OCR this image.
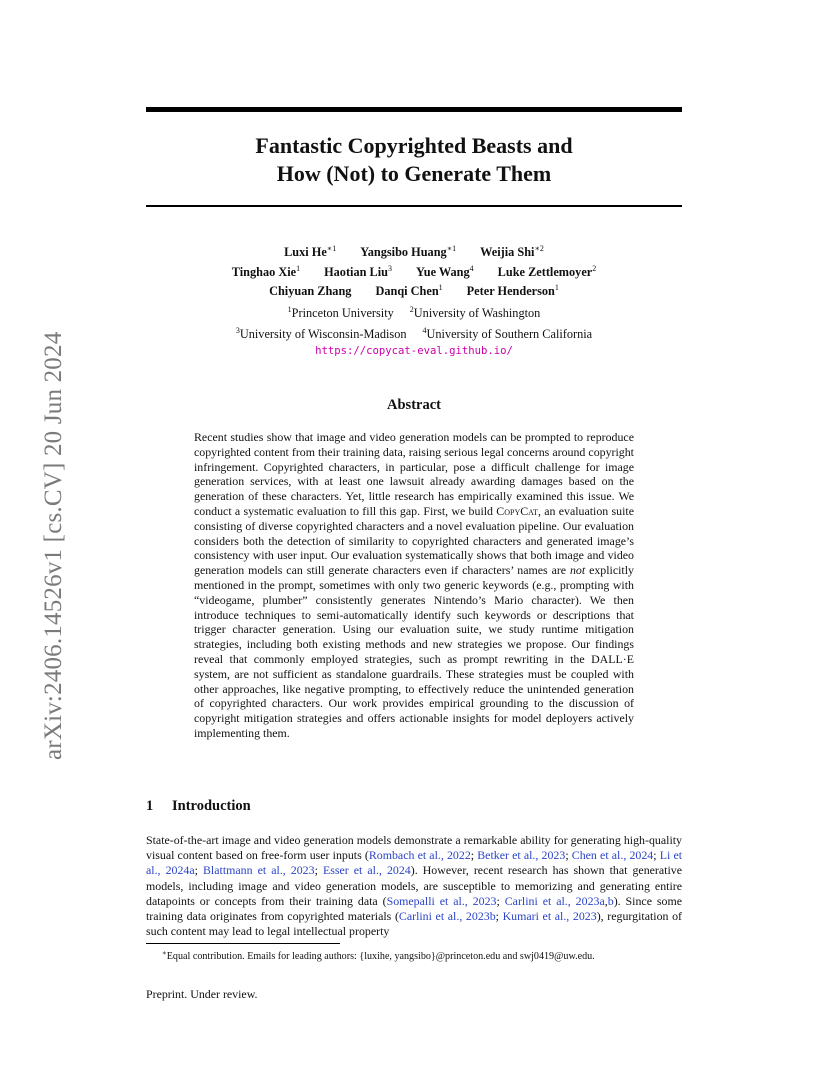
arXiv:2406.14526v1 [cs.CV] 20 Jun 2024
Fantastic Copyrighted Beasts and
How (Not) to Generate Them
Luxi $He^{∗1}$ Yangsibo Huang$^{∗1}$ Weijia Shi$^{∗2}$
Tinghao Xie$^1$ Haotian Liu$^3$ Yue Wang$^4$ Luke Zettlemoyer$^2$
Chiyuan Zhang Danqi Chen$^1$ Peter Henderson$^1$
$^1$Princeton University $^2$University of Washington
$^3$University of Wisconsin-Madison $^4$University of Southern California
https://copycat-eval.github.io/
Abstract
Recent studies show that image and video generation models can be prompted to reproduce copyrighted content from their training data, raising serious legal concerns around copyright infringement. Copyrighted characters, in particular, pose a difficult challenge for image generation services, with at least one lawsuit already awarding damages based on the generation of these characters. Yet, little research has empirically examined this issue. We conduct a systematic evaluation to fill this gap. First, we build CopyCat, an evaluation suite consisting of diverse copyrighted characters and a novel evaluation pipeline. Our evaluation considers both the detection of similarity to copyrighted characters and generated image’s consistency with user input. Our evaluation systematically shows that both image and video generation models can still generate characters even if characters’ names are not explicitly mentioned in the prompt, sometimes with only two generic keywords (e.g., prompting with “videogame, plumber” consistently generates Nintendo’s Mario character). We then introduce techniques to semi-automatically identify such keywords or descriptions that trigger character generation. Using our evaluation suite, we study runtime mitigation strategies, including both existing methods and new strategies we propose. Our findings reveal that commonly employed strategies, such as prompt rewriting in the DALL·E system, are not sufficient as standalone guardrails. These strategies must be coupled with other approaches, like negative prompting, to effectively reduce the unintended generation of copyrighted characters. Our work provides empirical grounding to the discussion of copyright mitigation strategies and offers actionable insights for model deployers actively implementing them.
1 Introduction
State-of-the-art image and video generation models demonstrate a remarkable ability for generating high-quality visual content based on free-form user inputs (Rombach et al., 2022; Betker et al., 2023; Chen et al., 2024; Li et al., 2024a; Blattmann et al., 2023; Esser et al., 2024). However, recent research has shown that generative models, including image and video generation models, are susceptible to memorizing and generating entire datapoints or concepts from their training data (Somepalli et al., 2023; Carlini et al., 2023a,b). Since some training data originates from copyrighted materials (Carlini et al., 2023b; Kumari et al., 2023), regurgitation of such content may lead to legal intellectual property
∗Equal contribution. Emails for leading authors: {luxihe, yangsibo}@princeton.edu and swj0419@uw.edu.
Preprint. Under review.
